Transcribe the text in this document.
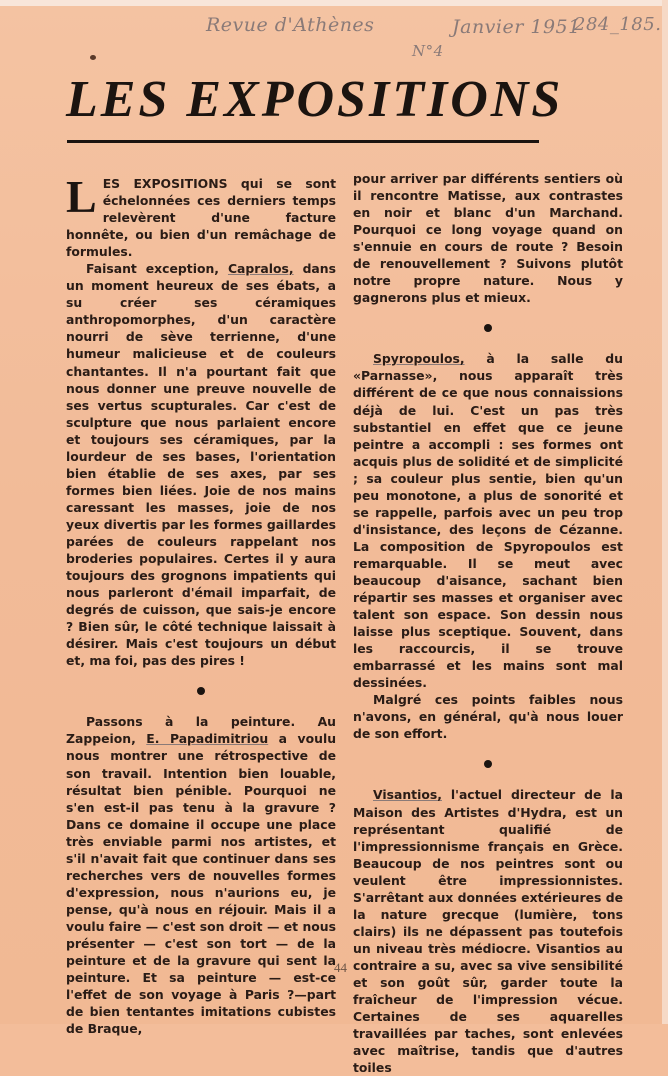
Revue d'Athènes	Janvier 1951
284_185.
N°4
LES EXPOSITIONS

LES EXPOSITIONS qui se sont échelonnées ces derniers temps relevèrent d'une facture honnête, ou bien d'un remâchage de formules.

Faisant exception, Capralos, dans un moment heureux de ses ébats, a su créer ses céramiques anthropomorphes, d'un caractère nourri de sève terrienne, d'une humeur malicieuse et de couleurs chantantes. Il n'a pourtant fait que nous donner une preuve nouvelle de ses vertus scupturales. Car c'est de sculpture que nous parlaient encore et toujours ses céramiques, par la lourdeur de ses bases, l'orientation bien établie de ses axes, par ses formes bien liées. Joie de nos mains caressant les masses, joie de nos yeux divertis par les formes gaillardes parées de couleurs rappelant nos broderies populaires. Certes il y aura toujours des grognons impatients qui nous parleront d'émail imparfait, de degrés de cuisson, que sais-je encore ? Bien sûr, le côté technique laissait à désirer. Mais c'est toujours un début et, ma foi, pas des pires !

Passons à la peinture. Au Zappeion, E. Papadimitriou a voulu nous montrer une rétrospective de son travail. Intention bien louable, résultat bien pénible. Pourquoi ne s'en est-il pas tenu à la gravure ? Dans ce domaine il occupe une place très enviable parmi nos artistes, et s'il n'avait fait que continuer dans ses recherches vers de nouvelles formes d'expression, nous n'aurions eu, je pense, qu'à nous en réjouir. Mais il a voulu faire — c'est son droit — et nous présenter — c'est son tort — de la peinture et de la gravure qui sent la peinture. Et sa peinture — est-ce l'effet de son voyage à Paris ?—part de bien tentantes imitations cubistes de Braque,

pour arriver par différents sentiers où il rencontre Matisse, aux contrastes en noir et blanc d'un Marchand. Pourquoi ce long voyage quand on s'ennuie en cours de route ? Besoin de renouvellement ? Suivons plutôt notre propre nature. Nous y gagnerons plus et mieux.

Spyropoulos, à la salle du «Parnasse», nous apparaît très différent de ce que nous connaissions déjà de lui. C'est un pas très substantiel en effet que ce jeune peintre a accompli : ses formes ont acquis plus de solidité et de simplicité ; sa couleur plus sentie, bien qu'un peu monotone, a plus de sonorité et se rappelle, parfois avec un peu trop d'insistance, des leçons de Cézanne. La composition de Spyropoulos est remarquable. Il se meut avec beaucoup d'aisance, sachant bien répartir ses masses et organiser avec talent son espace. Son dessin nous laisse plus sceptique. Souvent, dans les raccourcis, il se trouve embarrassé et les mains sont mal dessinées.

Malgré ces points faibles nous n'avons, en général, qu'à nous louer de son effort.

Visantios, l'actuel directeur de la Maison des Artistes d'Hydra, est un représentant qualifié de l'impressionnisme français en Grèce. Beaucoup de nos peintres sont ou veulent être impressionnistes. S'arrêtant aux données extérieures de la nature grecque (lumière, tons clairs) ils ne dépassent pas toutefois un niveau très médiocre. Visantios au contraire a su, avec sa vive sensibilité et son goût sûr, garder toute la fraîcheur de l'impression vécue. Certaines de ses aquarelles travaillées par taches, sont enlevées avec maîtrise, tandis que d'autres toiles

44
